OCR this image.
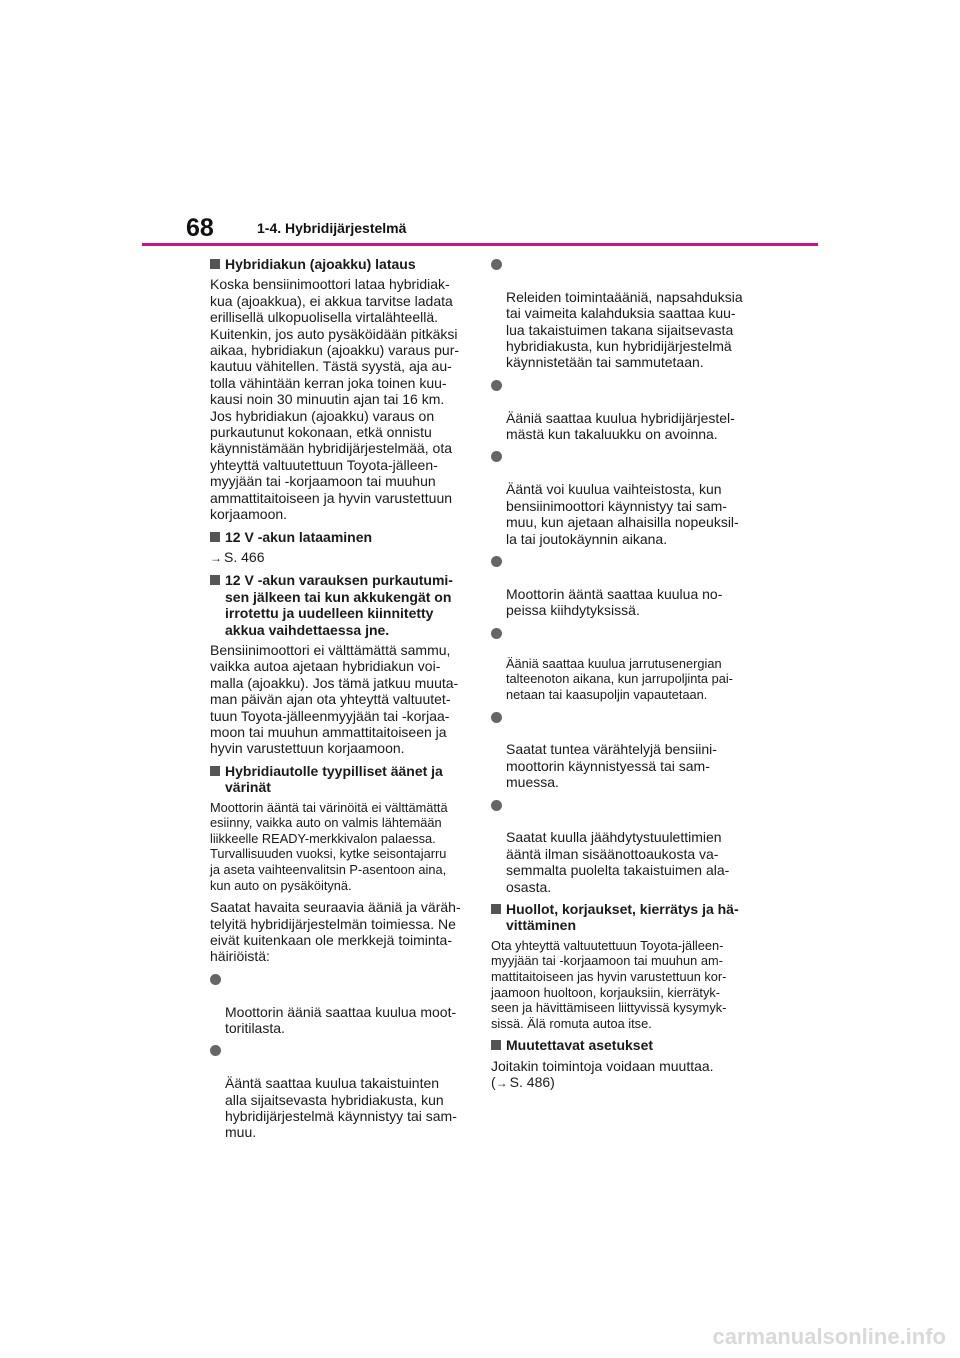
68	1-4. Hybridijärjestelmä
Hybridiakun (ajoakku) lataus

Koska bensiinimoottori lataa hybridiak-
kua (ajoakkua), ei akkua tarvitse ladata
erillisellä ulkopuolisella virtalähteellä.
Kuitenkin, jos auto pysäköidään pitkäksi
aikaa, hybridiakun (ajoakku) varaus pur-
kautuu vähitellen. Tästä syystä, aja au-
tolla vähintään kerran joka toinen kuu-
kausi noin 30 minuutin ajan tai 16 km.
Jos hybridiakun (ajoakku) varaus on
purkautunut kokonaan, etkä onnistu
käynnistämään hybridijärjestelmää, ota
yhteyttä valtuutettuun Toyota-jälleen-
myyjään tai -korjaamoon tai muuhun
ammattitaitoiseen ja hyvin varustettuun
korjaamoon.

12 V -akun lataaminen

→ S. 466

12 V -akun varauksen purkautumi-
sen jälkeen tai kun akkukengät on
irrotettu ja uudelleen kiinnitetty
akkua vaihdettaessa jne.

Bensiinimoottori ei välttämättä sammu,
vaikka autoa ajetaan hybridiakun voi-
malla (ajoakku). Jos tämä jatkuu muuta-
man päivän ajan ota yhteyttä valtuutet-
tuun Toyota-jälleenmyyjään tai -korjaa-
moon tai muuhun ammattitaitoiseen ja
hyvin varustettuun korjaamoon.

Hybridiautolle tyypilliset äänet ja
värinät

Moottorin ääntä tai värinöitä ei välttämättä
esiinny, vaikka auto on valmis lähtemään
liikkeelle READY-merkkivalon palaessa.
Turvallisuuden vuoksi, kytke seisontajarru
ja aseta vaihteenvalitsin P-asentoon aina,
kun auto on pysäköitynä.

Saatat havaita seuraavia ääniä ja väräh-
telyitä hybridijärjestelmän toimiessa. Ne
eivät kuitenkaan ole merkkejä toiminta-
häiriöistä:

Moottorin ääniä saattaa kuulua moot-
toritilasta.

Ääntä saattaa kuulua takaistuinten
alla sijaitsevasta hybridiakusta, kun
hybridijärjestelmä käynnistyy tai sam-
muu.

Releiden toimintaääniä, napsahduksia
tai vaimeita kalahduksia saattaa kuu-
lua takaistuimen takana sijaitsevasta
hybridiakusta, kun hybridijärjestelmä
käynnistetään tai sammutetaan.

Ääniä saattaa kuulua hybridijärjestel-
mästä kun takaluukku on avoinna.

Ääntä voi kuulua vaihteistosta, kun
bensiinimoottori käynnistyy tai sam-
muu, kun ajetaan alhaisilla nopeuksil-
la tai joutokäynnin aikana.

Moottorin ääntä saattaa kuulua no-
peissa kiihdytyksissä.

Ääniä saattaa kuulua jarrutusenergian
talteenoton aikana, kun jarrupoljinta pai-
netaan tai kaasupoljin vapautetaan.

Saatat tuntea värähtelyjä bensiini-
moottorin käynnistyessä tai sam-
muessa.

Saatat kuulla jäähdytystuulettimien
ääntä ilman sisäänottoaukosta va-
semmalta puolelta takaistuimen ala-
osasta.

Huollot, korjaukset, kierrätys ja hä-
vittäminen

Ota yhteyttä valtuutettuun Toyota-jälleen-
myyjään tai -korjaamoon tai muuhun am-
mattitaitoiseen jas hyvin varustettuun kor-
jaamoon huoltoon, korjauksiin, kierrätyk-
seen ja hävittämiseen liittyvissä kysymyk-
sissä. Älä romuta autoa itse.

Muutettavat asetukset

Joitakin toimintoja voidaan muuttaa.

(→ S. 486)

carmanualsonline.info
